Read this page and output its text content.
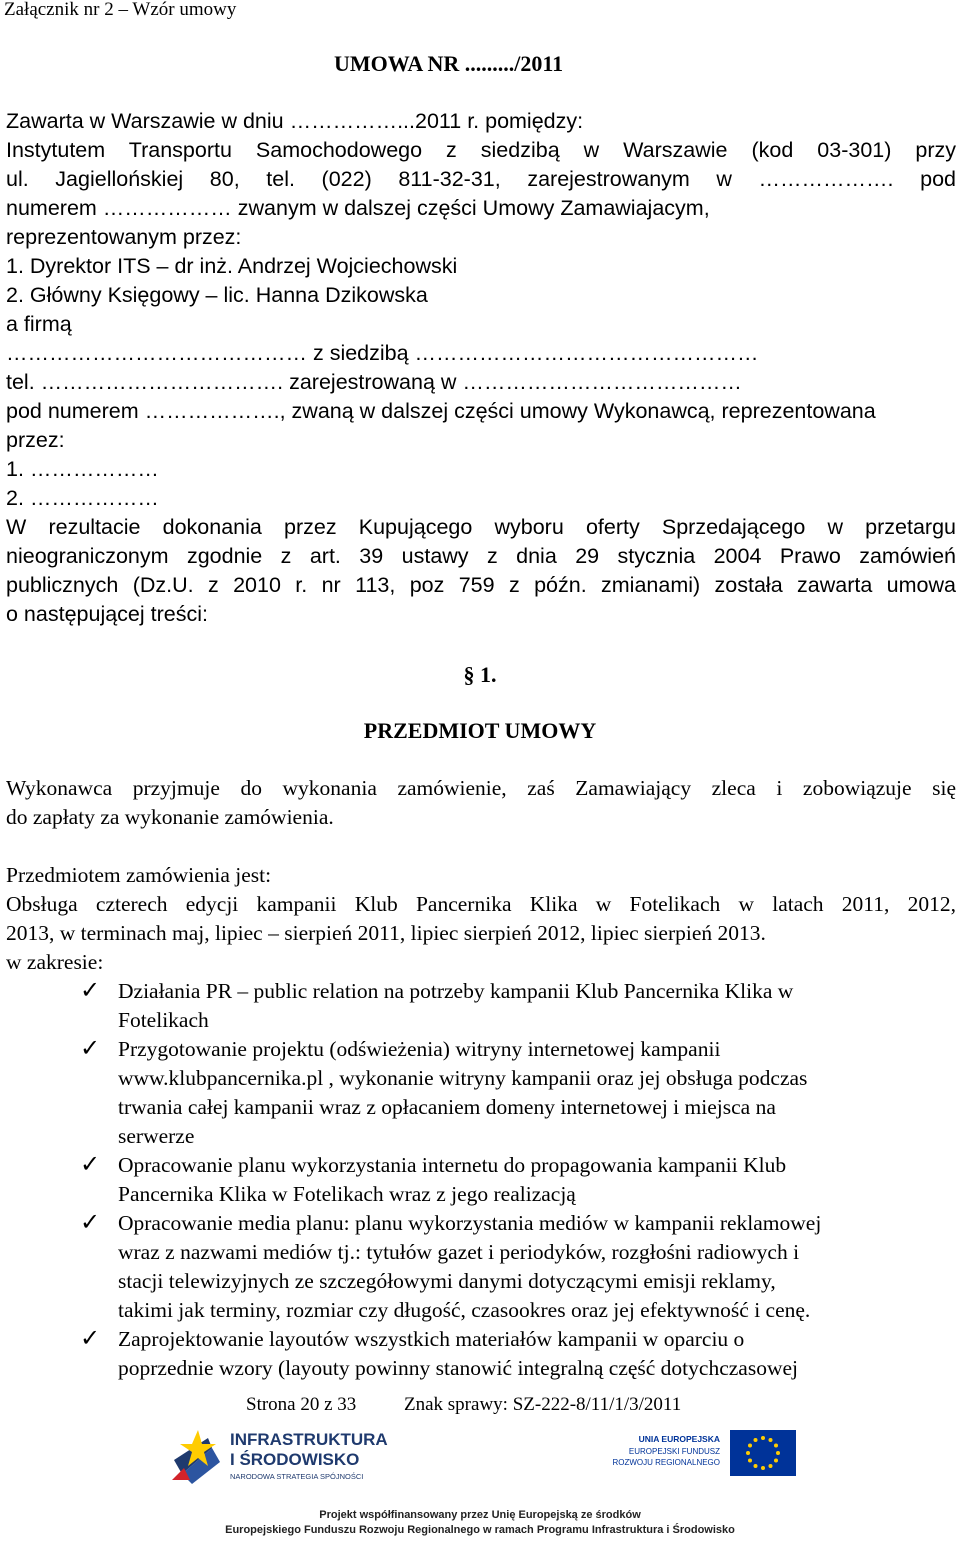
Załącznik nr 2 – Wzór umowy
UMOWA NR ........./2011
Zawarta w Warszawie w dniu ……………...2011 r. pomiędzy:
Instytutem Transportu Samochodowego z siedzibą w Warszawie (kod 03-301) przy
ul. Jagiellońskiej 80, tel. (022) 811-32-31, zarejestrowanym w ………………. pod
numerem ……………… zwanym w dalszej części Umowy Zamawiajacym,
reprezentowanym przez:
1. Dyrektor ITS – dr inż. Andrzej Wojciechowski
2. Główny Księgowy – lic. Hanna Dzikowska
a firmą
…………………………………… z siedzibą …………………………………………
tel. ……………………………. zarejestrowaną w …………………………………
pod numerem ………………., zwaną w dalszej części umowy Wykonawcą, reprezentowana
przez:
1. ………………
2. ………………
W rezultacie dokonania przez Kupującego wyboru oferty Sprzedającego w przetargu
nieograniczonym zgodnie z art. 39 ustawy z dnia 29 stycznia 2004 Prawo zamówień
publicznych (Dz.U. z 2010 r. nr 113, poz 759 z późn. zmianami) została zawarta umowa
o następującej treści:
§ 1.
PRZEDMIOT UMOWY
Wykonawca przyjmuje do wykonania zamówienie, zaś Zamawiający zleca i zobowiązuje się
do zapłaty za wykonanie zamówienia.
Przedmiotem zamówienia jest:
Obsługa czterech edycji kampanii Klub Pancernika Klika w Fotelikach w latach 2011, 2012,
2013, w terminach maj, lipiec – sierpień 2011, lipiec sierpień 2012, lipiec sierpień 2013.
w zakresie:
✓ Działania PR – public relation na potrzeby kampanii Klub Pancernika Klika w
Fotelikach
✓ Przygotowanie projektu (odświeżenia) witryny internetowej kampanii
www.klubpancernika.pl , wykonanie witryny kampanii oraz jej obsługa podczas
trwania całej kampanii wraz z opłacaniem domeny internetowej i miejsca na
serwerze
✓ Opracowanie planu wykorzystania internetu do propagowania kampanii Klub
Pancernika Klika w Fotelikach wraz z jego realizacją
✓ Opracowanie media planu: planu wykorzystania mediów w kampanii reklamowej
wraz z nazwami mediów tj.: tytułów gazet i periodyków, rozgłośni radiowych i
stacji telewizyjnych ze szczegółowymi danymi dotyczącymi emisji reklamy,
takimi jak terminy, rozmiar czy długość, czasookres oraz jej efektywność i cenę.
✓ Zaprojektowanie layoutów wszystkich materiałów kampanii w oparciu o
poprzednie wzory (layouty powinny stanowić integralną część dotychczasowej
Strona 20 z 33	Znak sprawy: SZ-222-8/11/1/3/2011
INFRASTRUKTURA
I ŚRODOWISKO
NARODOWA STRATEGIA SPÓJNOŚCI
UNIA EUROPEJSKA
EUROPEJSKI FUNDUSZ
ROZWOJU REGIONALNEGO
Projekt współfinansowany przez Unię Europejską ze środków
Europejskiego Funduszu Rozwoju Regionalnego w ramach Programu Infrastruktura i Środowisko
